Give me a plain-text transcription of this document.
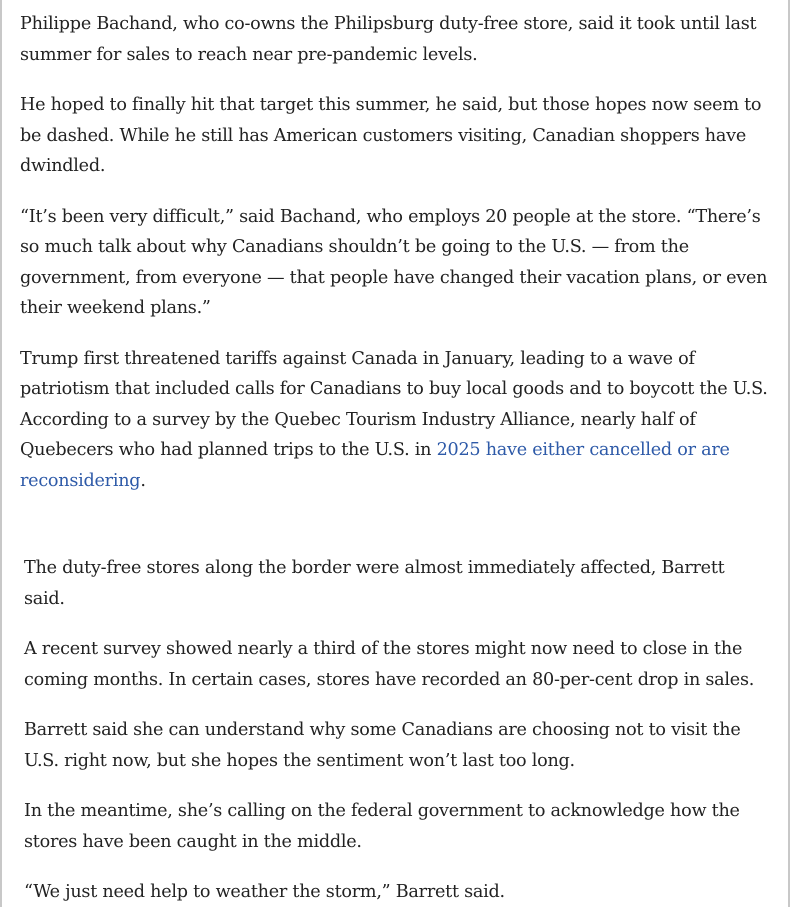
Philippe Bachand, who co-owns the Philipsburg duty-free store, said it took until last summer for sales to reach near pre-pandemic levels.

He hoped to finally hit that target this summer, he said, but those hopes now seem to be dashed. While he still has American customers visiting, Canadian shoppers have dwindled.

“It’s been very difficult,” said Bachand, who employs 20 people at the store. “There’s so much talk about why Canadians shouldn’t be going to the U.S. — from the government, from everyone — that people have changed their vacation plans, or even their weekend plans.”

Trump first threatened tariffs against Canada in January, leading to a wave of patriotism that included calls for Canadians to buy local goods and to boycott the U.S. According to a survey by the Quebec Tourism Industry Alliance, nearly half of Quebecers who had planned trips to the U.S. in 2025 have either cancelled or are reconsidering.

The duty-free stores along the border were almost immediately affected, Barrett said.

A recent survey showed nearly a third of the stores might now need to close in the coming months. In certain cases, stores have recorded an 80-per-cent drop in sales.

Barrett said she can understand why some Canadians are choosing not to visit the U.S. right now, but she hopes the sentiment won’t last too long.

In the meantime, she’s calling on the federal government to acknowledge how the stores have been caught in the middle.

“We just need help to weather the storm,” Barrett said.
